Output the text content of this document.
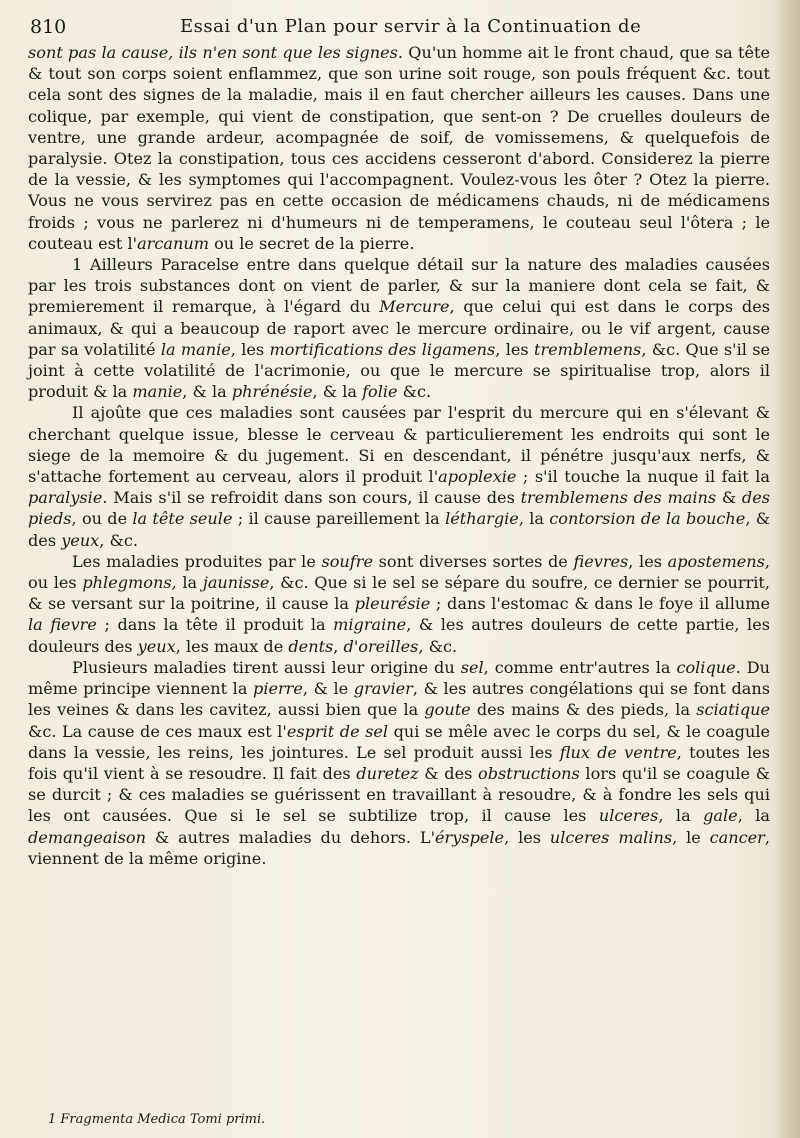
810	Essai d'un Plan pour servir à la Continuation de

sont pas la cause, ils n'en sont que les signes. Qu'un homme ait le front chaud, que sa tête & tout son corps soient enflammez, que son urine soit rouge, son pouls fréquent &c. tout cela sont des signes de la maladie, mais il en faut chercher ailleurs les causes. Dans une colique, par exemple, qui vient de constipation, que sent-on ? De cruelles douleurs de ventre, une grande ardeur, acompagnée de soif, de vomissemens, & quelquefois de paralysie. Otez la constipation, tous ces accidens cesseront d'abord. Considerez la pierre de la vessie, & les symptomes qui l'accompagnent. Voulez-vous les ôter ? Otez la pierre. Vous ne vous servirez pas en cette occasion de médicamens chauds, ni de médicamens froids ; vous ne parlerez ni d'humeurs ni de temperamens, le couteau seul l'ôtera ; le couteau est l'arcanum ou le secret de la pierre.

1 Ailleurs Paracelse entre dans quelque détail sur la nature des maladies causées par les trois substances dont on vient de parler, & sur la maniere dont cela se fait, & premierement il remarque, à l'égard du Mercure, que celui qui est dans le corps des animaux, & qui a beaucoup de raport avec le mercure ordinaire, ou le vif argent, cause par sa volatilité la manie, les mortifications des ligamens, les tremblemens, &c. Que s'il se joint à cette volatilité de l'acrimonie, ou que le mercure se spiritualise trop, alors il produit & la manie, & la phrénésie, & la folie &c.

Il ajoûte que ces maladies sont causées par l'esprit du mercure qui en s'élevant & cherchant quelque issue, blesse le cerveau & particulierement les endroits qui sont le siege de la memoire & du jugement. Si en descendant, il pénétre jusqu'aux nerfs, & s'attache fortement au cerveau, alors il produit l'apoplexie ; s'il touche la nuque il fait la paralysie. Mais s'il se refroidit dans son cours, il cause des tremblemens des mains & des pieds, ou de la tête seule ; il cause pareillement la léthargie, la contorsion de la bouche, & des yeux, &c.

Les maladies produites par le soufre sont diverses sortes de fievres, les apostemens, ou les phlegmons, la jaunisse, &c. Que si le sel se sépare du soufre, ce dernier se pourrit, & se versant sur la poitrine, il cause la pleurésie ; dans l'estomac & dans le foye il allume la fievre ; dans la tête il produit la migraine, & les autres douleurs de cette partie, les douleurs des yeux, les maux de dents, d'oreilles, &c.

Plusieurs maladies tirent aussi leur origine du sel, comme entr'autres la colique. Du même principe viennent la pierre, & le gravier, & les autres congélations qui se font dans les veines & dans les cavitez, aussi bien que la goute des mains & des pieds, la sciatique &c. La cause de ces maux est l'esprit de sel qui se mêle avec le corps du sel, & le coagule dans la vessie, les reins, les jointures. Le sel produit aussi les flux de ventre, toutes les fois qu'il vient à se resoudre. Il fait des duretez & des obstructions lors qu'il se coagule & se durcit ; & ces maladies se guérissent en travaillant à resoudre, & à fondre les sels qui les ont causées. Que si le sel se subtilize trop, il cause les ulceres, la gale, la demangeaison & autres maladies du dehors. L'éryspele, les ulceres malins, le cancer, viennent de la même origine.

1 Fragmenta Medica Tomi primi.
